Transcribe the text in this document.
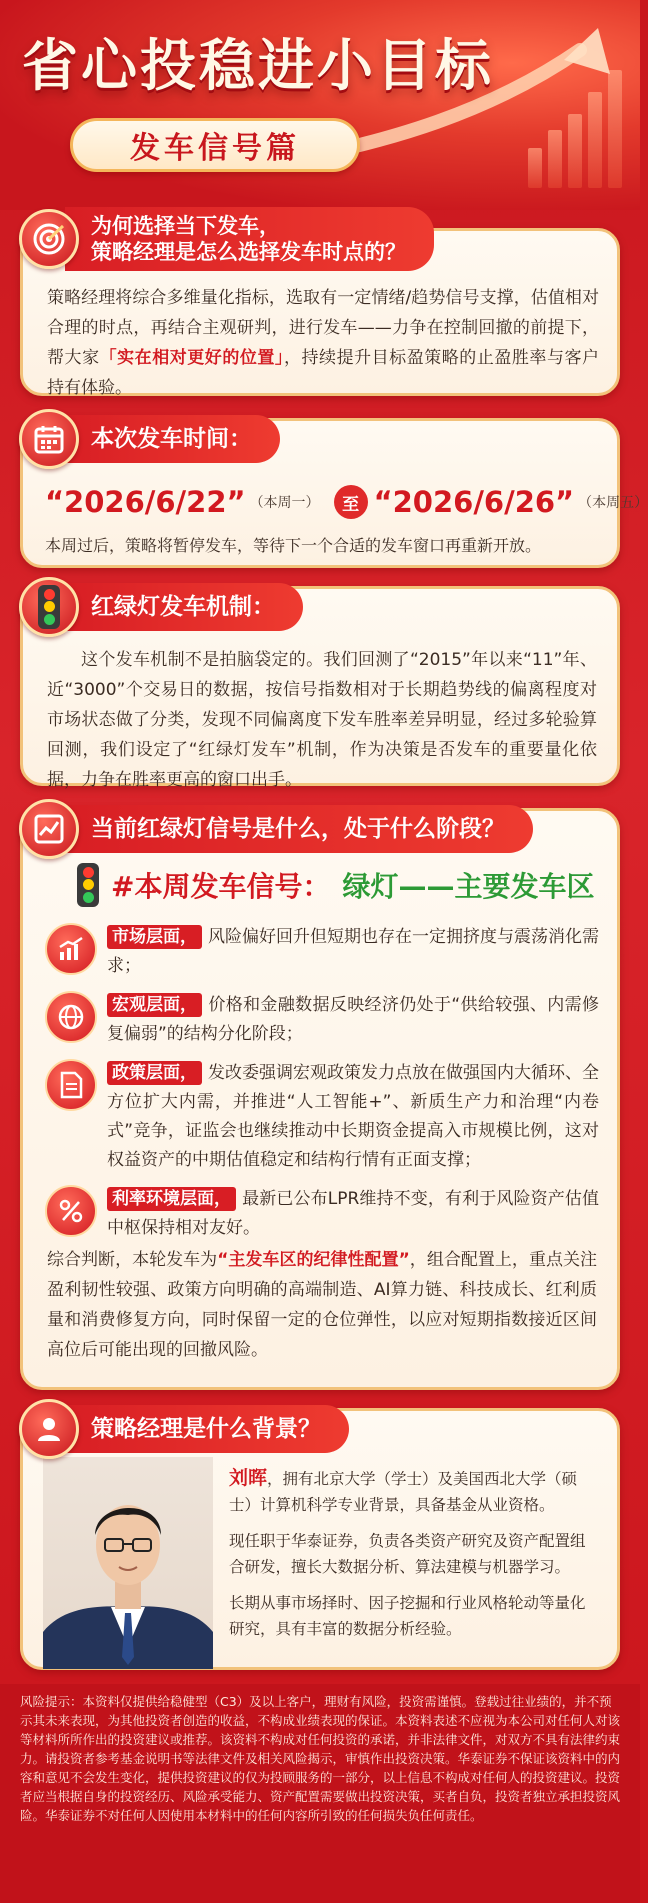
省心投稳进小目标
发车信号篇
为何选择当下发车，
策略经理是怎么选择发车时点的？
策略经理将综合多维量化指标，选取有一定情绪/趋势信号支撑，估值相对合理的时点，再结合主观研判，进行发车——力争在控制回撤的前提下，帮大家「实在相对更好的位置」，持续提升目标盈策略的止盈胜率与客户持有体验。
本次发车时间：
“2026/6/22” （本周一）	至 “2026/6/26” （本周五）
本周过后，策略将暂停发车，等待下一个合适的发车窗口再重新开放。
红绿灯发车机制：
这个发车机制不是拍脑袋定的。我们回测了“2015”年以来“11”年、近“3000”个交易日的数据，按信号指数相对于长期趋势线的偏离程度对市场状态做了分类，发现不同偏离度下发车胜率差异明显，经过多轮验算回测，我们设定了“红绿灯发车”机制，作为决策是否发车的重要量化依据，力争在胜率更高的窗口出手。
当前红绿灯信号是什么，处于什么阶段？
#本周发车信号： 绿灯——主要发车区
市场层面， 风险偏好回升但短期也存在一定拥挤度与震荡消化需求；
宏观层面， 价格和金融数据反映经济仍处于“供给较强、内需修复偏弱”的结构分化阶段；
政策层面， 发改委强调宏观政策发力点放在做强国内大循环、全方位扩大内需，并推进“人工智能+”、新质生产力和治理“内卷式”竞争，证监会也继续推动中长期资金提高入市规模比例，这对权益资产的中期估值稳定和结构行情有正面支撑；
利率环境层面， 最新已公布LPR维持不变，有利于风险资产估值中枢保持相对友好。
综合判断，本轮发车为“主发车区的纪律性配置”，组合配置上，重点关注盈利韧性较强、政策方向明确的高端制造、AI算力链、科技成长、红利质量和消费修复方向，同时保留一定的仓位弹性，以应对短期指数接近区间高位后可能出现的回撤风险。
策略经理是什么背景？

刘晖，拥有北京大学（学士）及美国西北大学（硕士）计算机科学专业背景，具备基金从业资格。

现任职于华泰证券，负责各类资产研究及资产配置组合研发，擅长大数据分析、算法建模与机器学习。

长期从事市场择时、因子挖掘和行业风格轮动等量化研究，具有丰富的数据分析经验。

风险提示：本资料仅提供给稳健型（C3）及以上客户，理财有风险，投资需谨慎。登载过往业绩的，并不预示其未来表现，为其他投资者创造的收益，不构成业绩表现的保证。本资料表述不应视为本公司对任何人对该等材料所所作出的投资建议或推荐。该资料不构成对任何投资的承诺，并非法律文件，对双方不具有法律约束力。请投资者参考基金说明书等法律文件及相关风险揭示，审慎作出投资决策。华泰证券不保证该资料中的内容和意见不会发生变化，提供投资建议的仅为投顾服务的一部分，以上信息不构成对任何人的投资建议。投资者应当根据自身的投资经历、风险承受能力、资产配置需要做出投资决策，买者自负，投资者独立承担投资风险。华泰证券不对任何人因使用本材料中的任何内容所引致的任何损失负任何责任。
